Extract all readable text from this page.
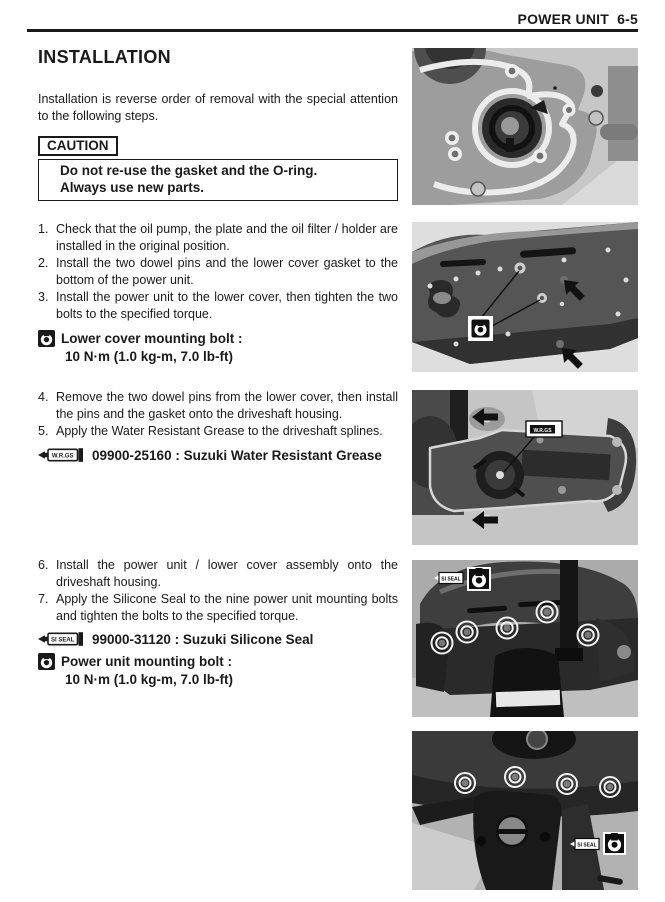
POWER UNIT  6-5
INSTALLATION

Installation is reverse order of removal with the special attention to the following steps.

CAUTION
Do not re-use the gasket and the O-ring.
Always use new parts.
1. Check that the oil pump, the plate and the oil filter / holder are installed in the original position.
2. Install the two dowel pins and the lower cover gasket to the bottom of the power unit.
3. Install the power unit to the lower cover, then tighten the two bolts to the specified torque.
Lower cover mounting bolt :
10 N·m (1.0 kg-m, 7.0 lb-ft)
4. Remove the two dowel pins from the lower cover, then install the pins and the gasket onto the driveshaft housing.
5. Apply the Water Resistant Grease to the driveshaft splines.
W.R.GS 09900-25160 : Suzuki Water Resistant Grease
6. Install the power unit / lower cover assembly onto the driveshaft housing.
7. Apply the Silicone Seal to the nine power unit mounting bolts and tighten the bolts to the specified torque.
SI SEAL 99000-31120 : Suzuki Silicone Seal
Power unit mounting bolt :
10 N·m (1.0 kg-m, 7.0 lb-ft)
W.R.GS
SI SEAL
SI SEAL
